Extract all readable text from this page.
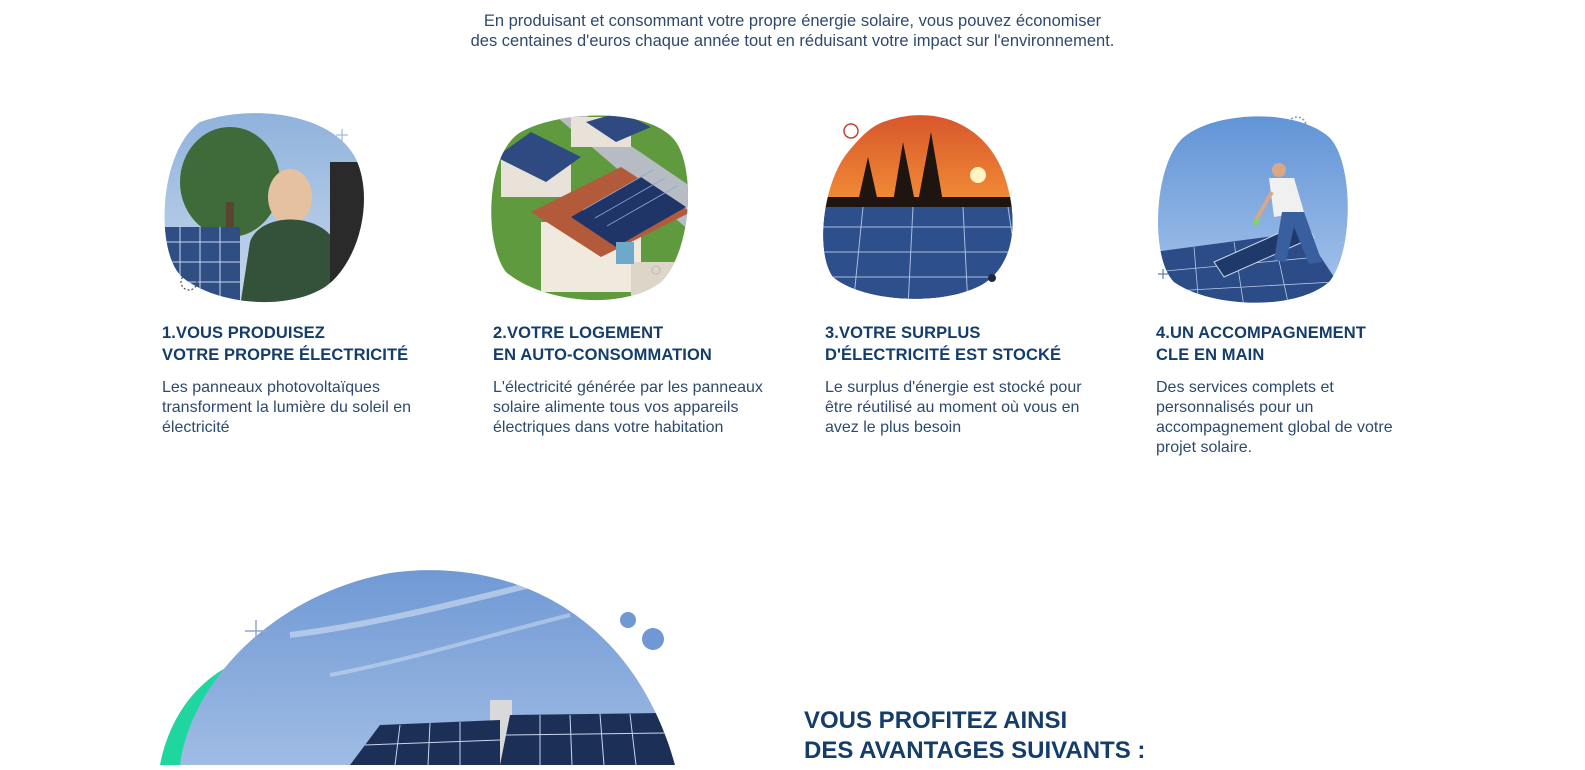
En produisant et consommant votre propre énergie solaire, vous pouvez économiser
des centaines d'euros chaque année tout en réduisant votre impact sur l'environnement.
1.VOUS PRODUISEZ
VOTRE PROPRE ÉLECTRICITÉ
Les panneaux photovoltaïques transforment la lumière du soleil en électricité
2.VOTRE LOGEMENT
EN AUTO-CONSOMMATION
L'électricité générée par les panneaux solaire alimente tous vos appareils électriques dans votre habitation
3.VOTRE SURPLUS
D'ÉLECTRICITÉ EST STOCKÉ
Le surplus d'énergie est stocké pour être réutilisé au moment où vous en avez le plus besoin
4.UN ACCOMPAGNEMENT
CLE EN MAIN
Des services complets et personnalisés pour un accompagnement global de votre projet solaire.
VOUS PROFITEZ AINSI
DES AVANTAGES SUIVANTS :
